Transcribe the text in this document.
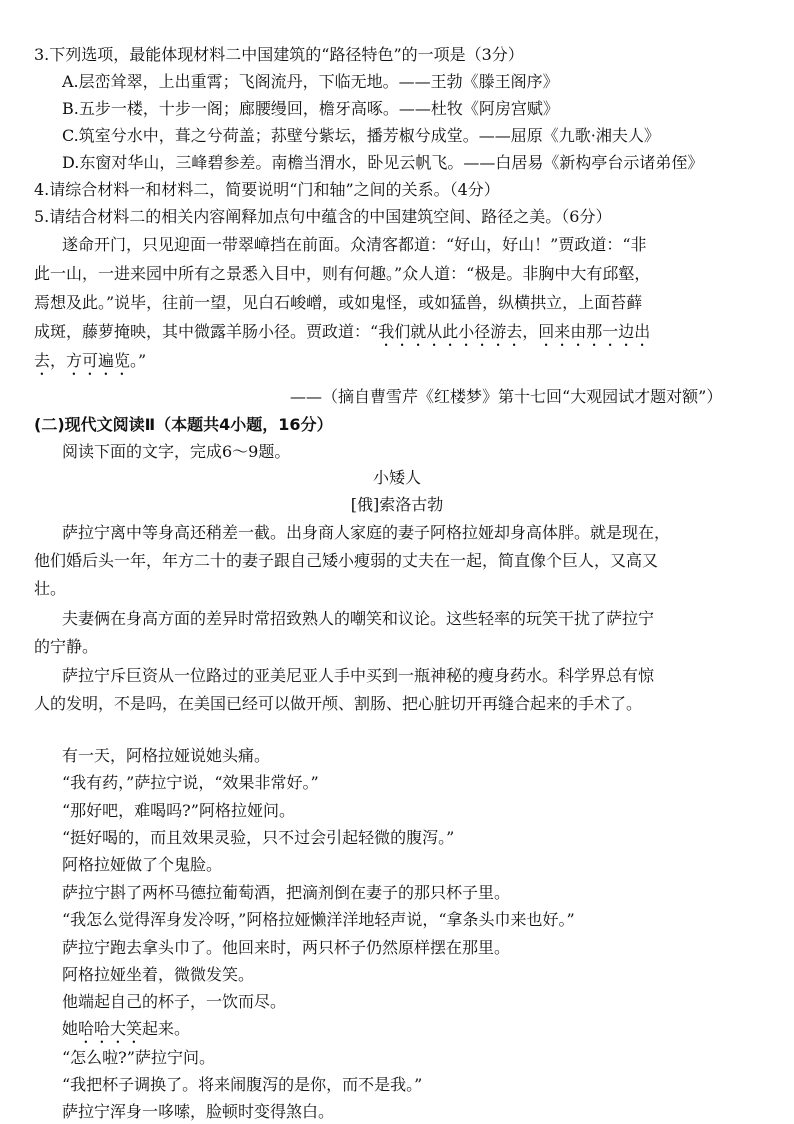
3.下列选项，最能体现材料二中国建筑的“路径特色”的一项是（3分）
A.层峦耸翠，上出重霄；飞阁流丹，下临无地。——王勃《滕王阁序》
B.五步一楼，十步一阁；廊腰缦回，檐牙高啄。——杜牧《阿房宫赋》
C.筑室兮水中，葺之兮荷盖；荪壁兮紫坛，播芳椒兮成堂。——屈原《九歌·湘夫人》
D.东窗对华山，三峰碧参差。南檐当渭水，卧见云帆飞。——白居易《新构亭台示诸弟侄》
4.请综合材料一和材料二，简要说明“门和轴”之间的关系。（4分）
5.请结合材料二的相关内容阐释加点句中蕴含的中国建筑空间、路径之美。（6分）
遂命开门，只见迎面一带翠嶂挡在前面。众清客都道：“好山，好山！”贾政道：“非
此一山，一进来园中所有之景悉入目中，则有何趣。”众人道：“极是。非胸中大有邱壑，
焉想及此。”说毕，往前一望，见白石峻嶒，或如鬼怪，或如猛兽，纵横拱立，上面苔藓
成斑，藤萝掩映，其中微露羊肠小径。贾政道：“我们就从此小径游去，回来由那一边出
去，方可遍览。”
——（摘自曹雪芹《红楼梦》第十七回“大观园试才题对额”）
(二)现代文阅读Ⅱ（本题共4小题，16分）
阅读下面的文字，完成6～9题。
小矮人
[俄]索洛古勃
萨拉宁离中等身高还稍差一截。出身商人家庭的妻子阿格拉娅却身高体胖。就是现在，
他们婚后头一年，年方二十的妻子跟自己矮小瘦弱的丈夫在一起，简直像个巨人，又高又
壮。
夫妻俩在身高方面的差异时常招致熟人的嘲笑和议论。这些轻率的玩笑干扰了萨拉宁
的宁静。
萨拉宁斥巨资从一位路过的亚美尼亚人手中买到一瓶神秘的瘦身药水。科学界总有惊
人的发明，不是吗，在美国已经可以做开颅、割肠、把心脏切开再缝合起来的手术了。
有一天，阿格拉娅说她头痛。
“我有药，”萨拉宁说，“效果非常好。”
“那好吧，难喝吗?”阿格拉娅问。
“挺好喝的，而且效果灵验，只不过会引起轻微的腹泻。”
阿格拉娅做了个鬼脸。
萨拉宁斟了两杯马德拉葡萄酒，把滴剂倒在妻子的那只杯子里。
“我怎么觉得浑身发冷呀，”阿格拉娅懒洋洋地轻声说，“拿条头巾来也好。”
萨拉宁跑去拿头巾了。他回来时，两只杯子仍然原样摆在那里。
阿格拉娅坐着，微微发笑。
他端起自己的杯子，一饮而尽。
她哈哈大笑起来。
“怎么啦?”萨拉宁问。
“我把杯子调换了。将来闹腹泻的是你，而不是我。”
萨拉宁浑身一哆嗦，脸顿时变得煞白。
